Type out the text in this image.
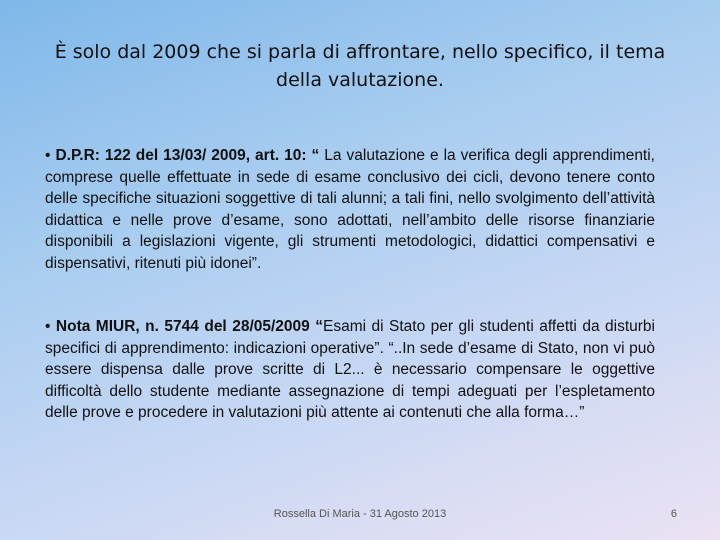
È solo dal 2009 che si parla di affrontare, nello specifico, il tema della valutazione.
• D.P.R: 122 del 13/03/ 2009, art. 10: “ La valutazione e la verifica degli apprendimenti, comprese quelle effettuate in sede di esame conclusivo dei cicli, devono tenere conto delle specifiche situazioni soggettive di tali alunni; a tali fini, nello svolgimento dell’attività didattica e nelle prove d’esame, sono adottati, nell’ambito delle risorse finanziarie disponibili a legislazioni vigente, gli strumenti metodologici, didattici compensativi e dispensativi, ritenuti più idonei”.
• Nota MIUR, n. 5744 del 28/05/2009 “Esami di Stato per gli studenti affetti da disturbi specifici di apprendimento: indicazioni operative”. “..In sede d’esame di Stato, non vi può essere dispensa dalle prove scritte di L2... è necessario compensare le oggettive difficoltà dello studente mediante assegnazione di tempi adeguati per l’espletamento delle prove e procedere in valutazioni più attente ai contenuti che alla forma…”
Rossella Di Maria - 31 Agosto 2013	6
